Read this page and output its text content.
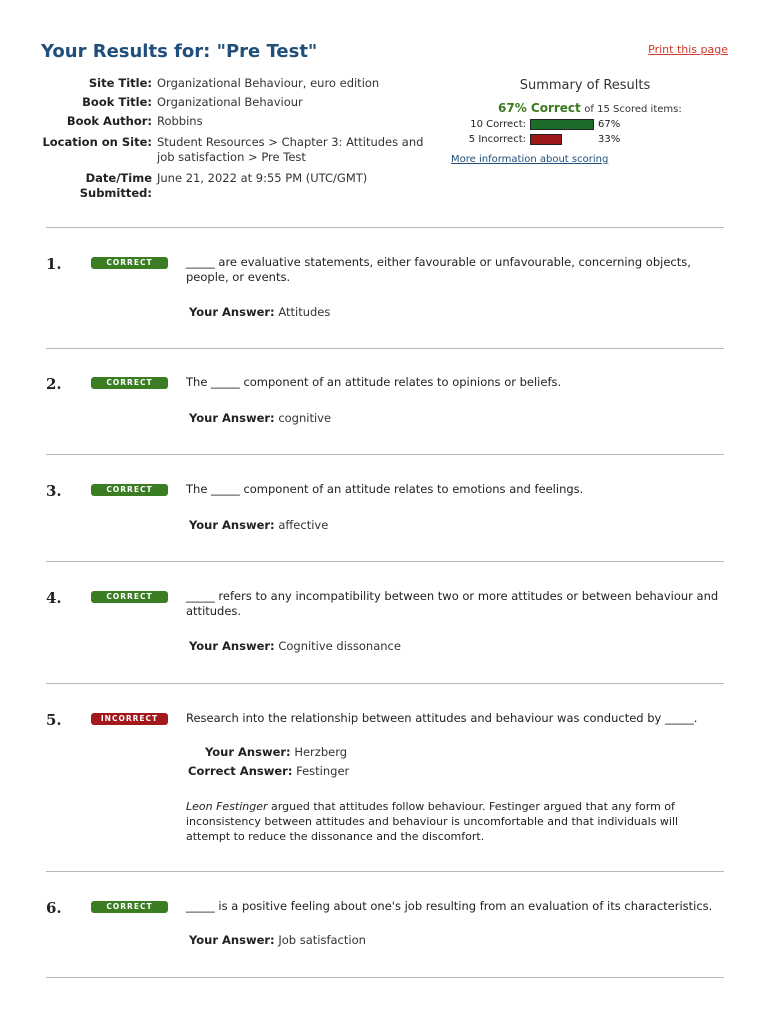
Your Results for: "Pre Test"	Print this page
Site Title: Organizational Behaviour, euro edition
Book Title: Organizational Behaviour
Book Author: Robbins
Location on Site: Student Resources > Chapter 3: Attitudes and job satisfaction > Pre Test
Date/Time Submitted:
June 21, 2022 at 9:55 PM (UTC/GMT)
Summary of Results
67% Correct of 15 Scored items:
10 Correct:	67%
5 Incorrect:	33%
More information about scoring
1.	CORRECT	_____ are evaluative statements, either favourable or unfavourable, concerning objects, people, or events.
Your Answer: Attitudes
2.	CORRECT	The _____ component of an attitude relates to opinions or beliefs.
Your Answer: cognitive
3.	CORRECT	The _____ component of an attitude relates to emotions and feelings.
Your Answer: affective
4.	CORRECT	_____ refers to any incompatibility between two or more attitudes or between behaviour and attitudes.
Your Answer: Cognitive dissonance
5.	INCORRECT	Research into the relationship between attitudes and behaviour was conducted by _____.
Your Answer: Herzberg
Correct Answer: Festinger
Leon Festinger argued that attitudes follow behaviour. Festinger argued that any form of inconsistency between attitudes and behaviour is uncomfortable and that individuals will attempt to reduce the dissonance and the discomfort.
6.	CORRECT	_____ is a positive feeling about one's job resulting from an evaluation of its characteristics.
Your Answer: Job satisfaction
